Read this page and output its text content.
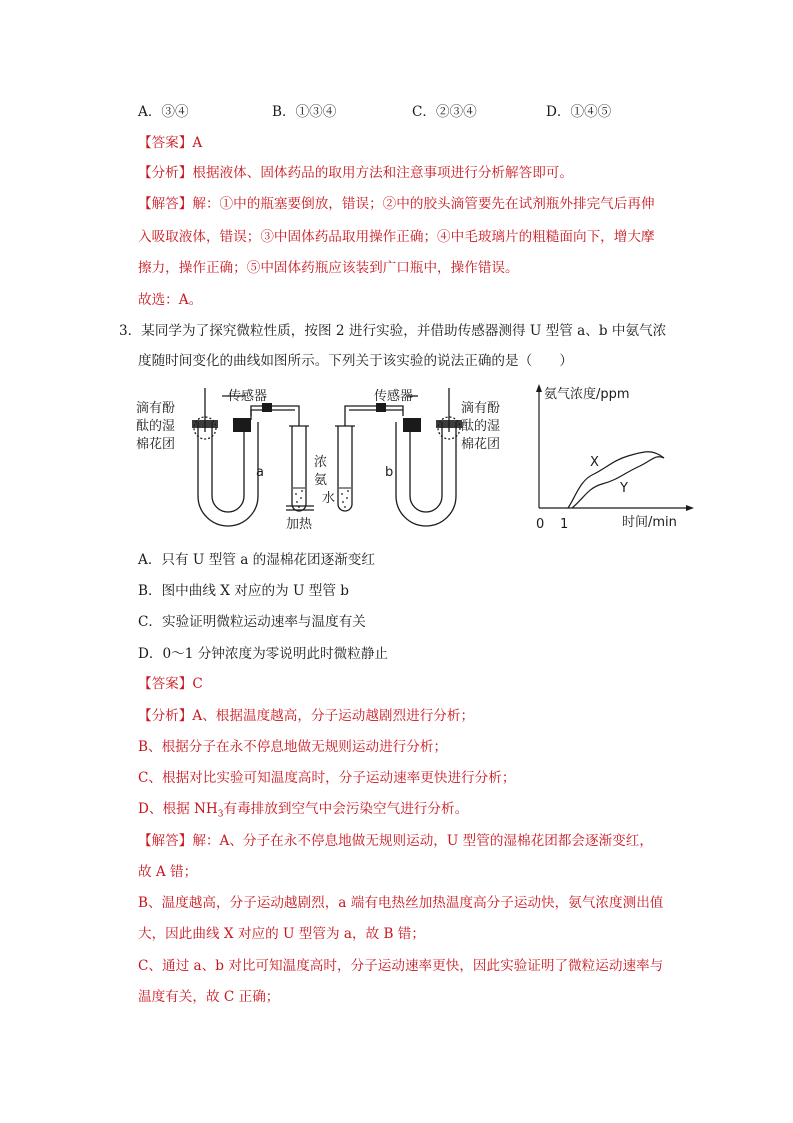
A．③④	B．①③④	C．②③④	D．①④⑤
【答案】A
【分析】根据液体、固体药品的取用方法和注意事项进行分析解答即可。
【解答】解：①中的瓶塞要倒放，错误；②中的胶头滴管要先在试剂瓶外排完气后再伸
入吸取液体，错误；③中固体药品取用操作正确；④中毛玻璃片的粗糙面向下，增大摩
擦力，操作正确；⑤中固体药瓶应该装到广口瓶中，操作错误。
故选：A。
3．某同学为了探究微粒性质，按图 2 进行实验，并借助传感器测得 U 型管 a、b 中氨气浓
度随时间变化的曲线如图所示。下列关于该实验的说法正确的是（　　）
滴有酚
酞的湿
棉花团
传感器
a
浓
氨
水
加热
传感器
b
滴有酚
酞的湿
棉花团
氨气浓度/ppm
时间/min
0 1
X
Y
A．只有 U 型管 a 的湿棉花团逐渐变红
B．图中曲线 X 对应的为 U 型管 b
C．实验证明微粒运动速率与温度有关
D．0～1 分钟浓度为零说明此时微粒静止
【答案】C
【分析】A、根据温度越高，分子运动越剧烈进行分析；
B、根据分子在永不停息地做无规则运动进行分析；
C、根据对比实验可知温度高时，分子运动速率更快进行分析；
D、根据 $NH_3$有毒排放到空气中会污染空气进行分析。
【解答】解：A、分子在永不停息地做无规则运动，U 型管的湿棉花团都会逐渐变红，
故 A 错；
B、温度越高，分子运动越剧烈，a 端有电热丝加热温度高分子运动快，氨气浓度测出值
大，因此曲线 X 对应的 U 型管为 a，故 B 错；
C、通过 a、b 对比可知温度高时，分子运动速率更快，因此实验证明了微粒运动速率与
温度有关，故 C 正确；
